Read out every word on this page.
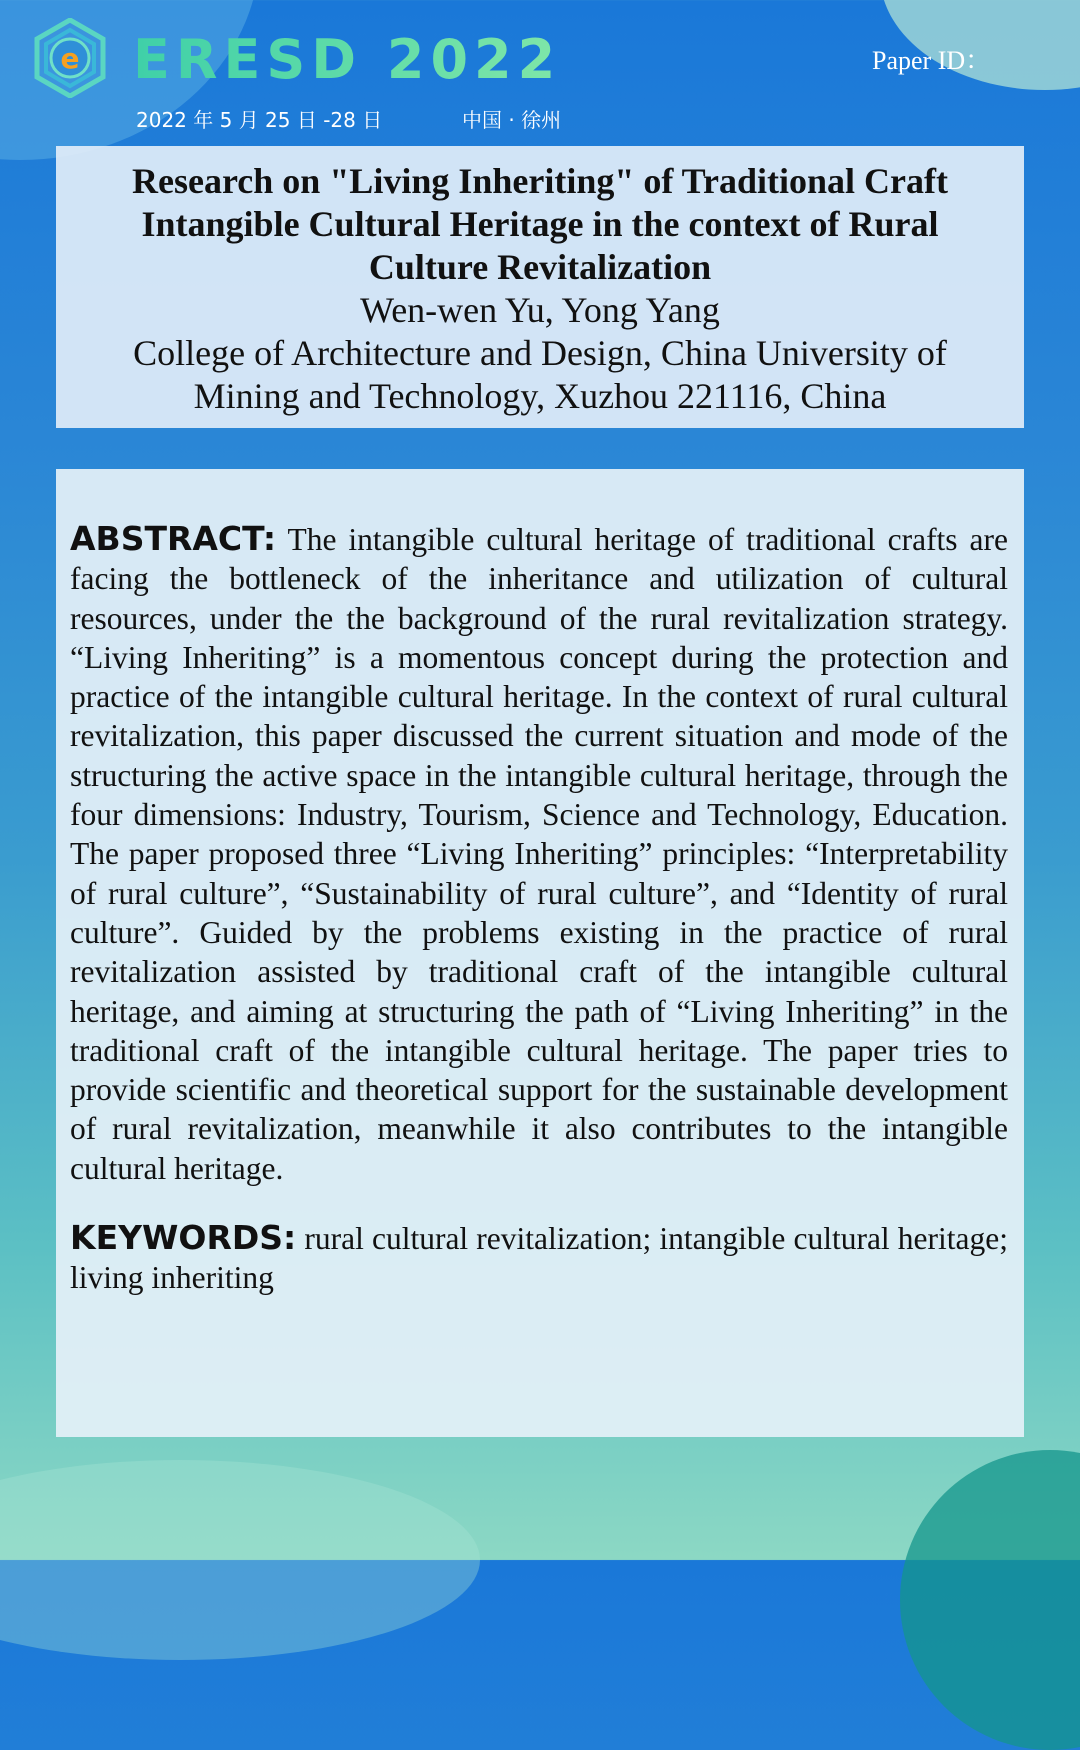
e ERESD 2022
2022 年 5 月 25 日 -28 日	中国 · 徐州
Paper ID：
Research on "Living Inheriting" of Traditional Craft Intangible Cultural Heritage in the context of Rural Culture Revitalization
Wen-wen Yu, Yong Yang
College of Architecture and Design, China University of Mining and Technology, Xuzhou 221116, China

ABSTRACT: The intangible cultural heritage of traditional crafts are facing the bottleneck of the inheritance and utilization of cultural resources, under the the background of the rural revitalization strategy. “Living Inheriting” is a momentous concept during the protection and practice of the intangible cultural heritage. In the context of rural cultural revitalization, this paper discussed the current situation and mode of the structuring the active space in the intangible cultural heritage, through the four dimensions: Industry, Tourism, Science and Technology, Education. The paper proposed three “Living Inheriting” principles: “Interpretability of rural culture”, “Sustainability of rural culture”, and “Identity of rural culture”. Guided by the problems existing in the practice of rural revitalization assisted by traditional craft of the intangible cultural heritage, and aiming at structuring the path of “Living Inheriting” in the traditional craft of the intangible cultural heritage. The paper tries to provide scientific and theoretical support for the sustainable development of rural revitalization, meanwhile it also contributes to the intangible cultural heritage.

KEYWORDS: rural cultural revitalization; intangible cultural heritage; living inheriting
